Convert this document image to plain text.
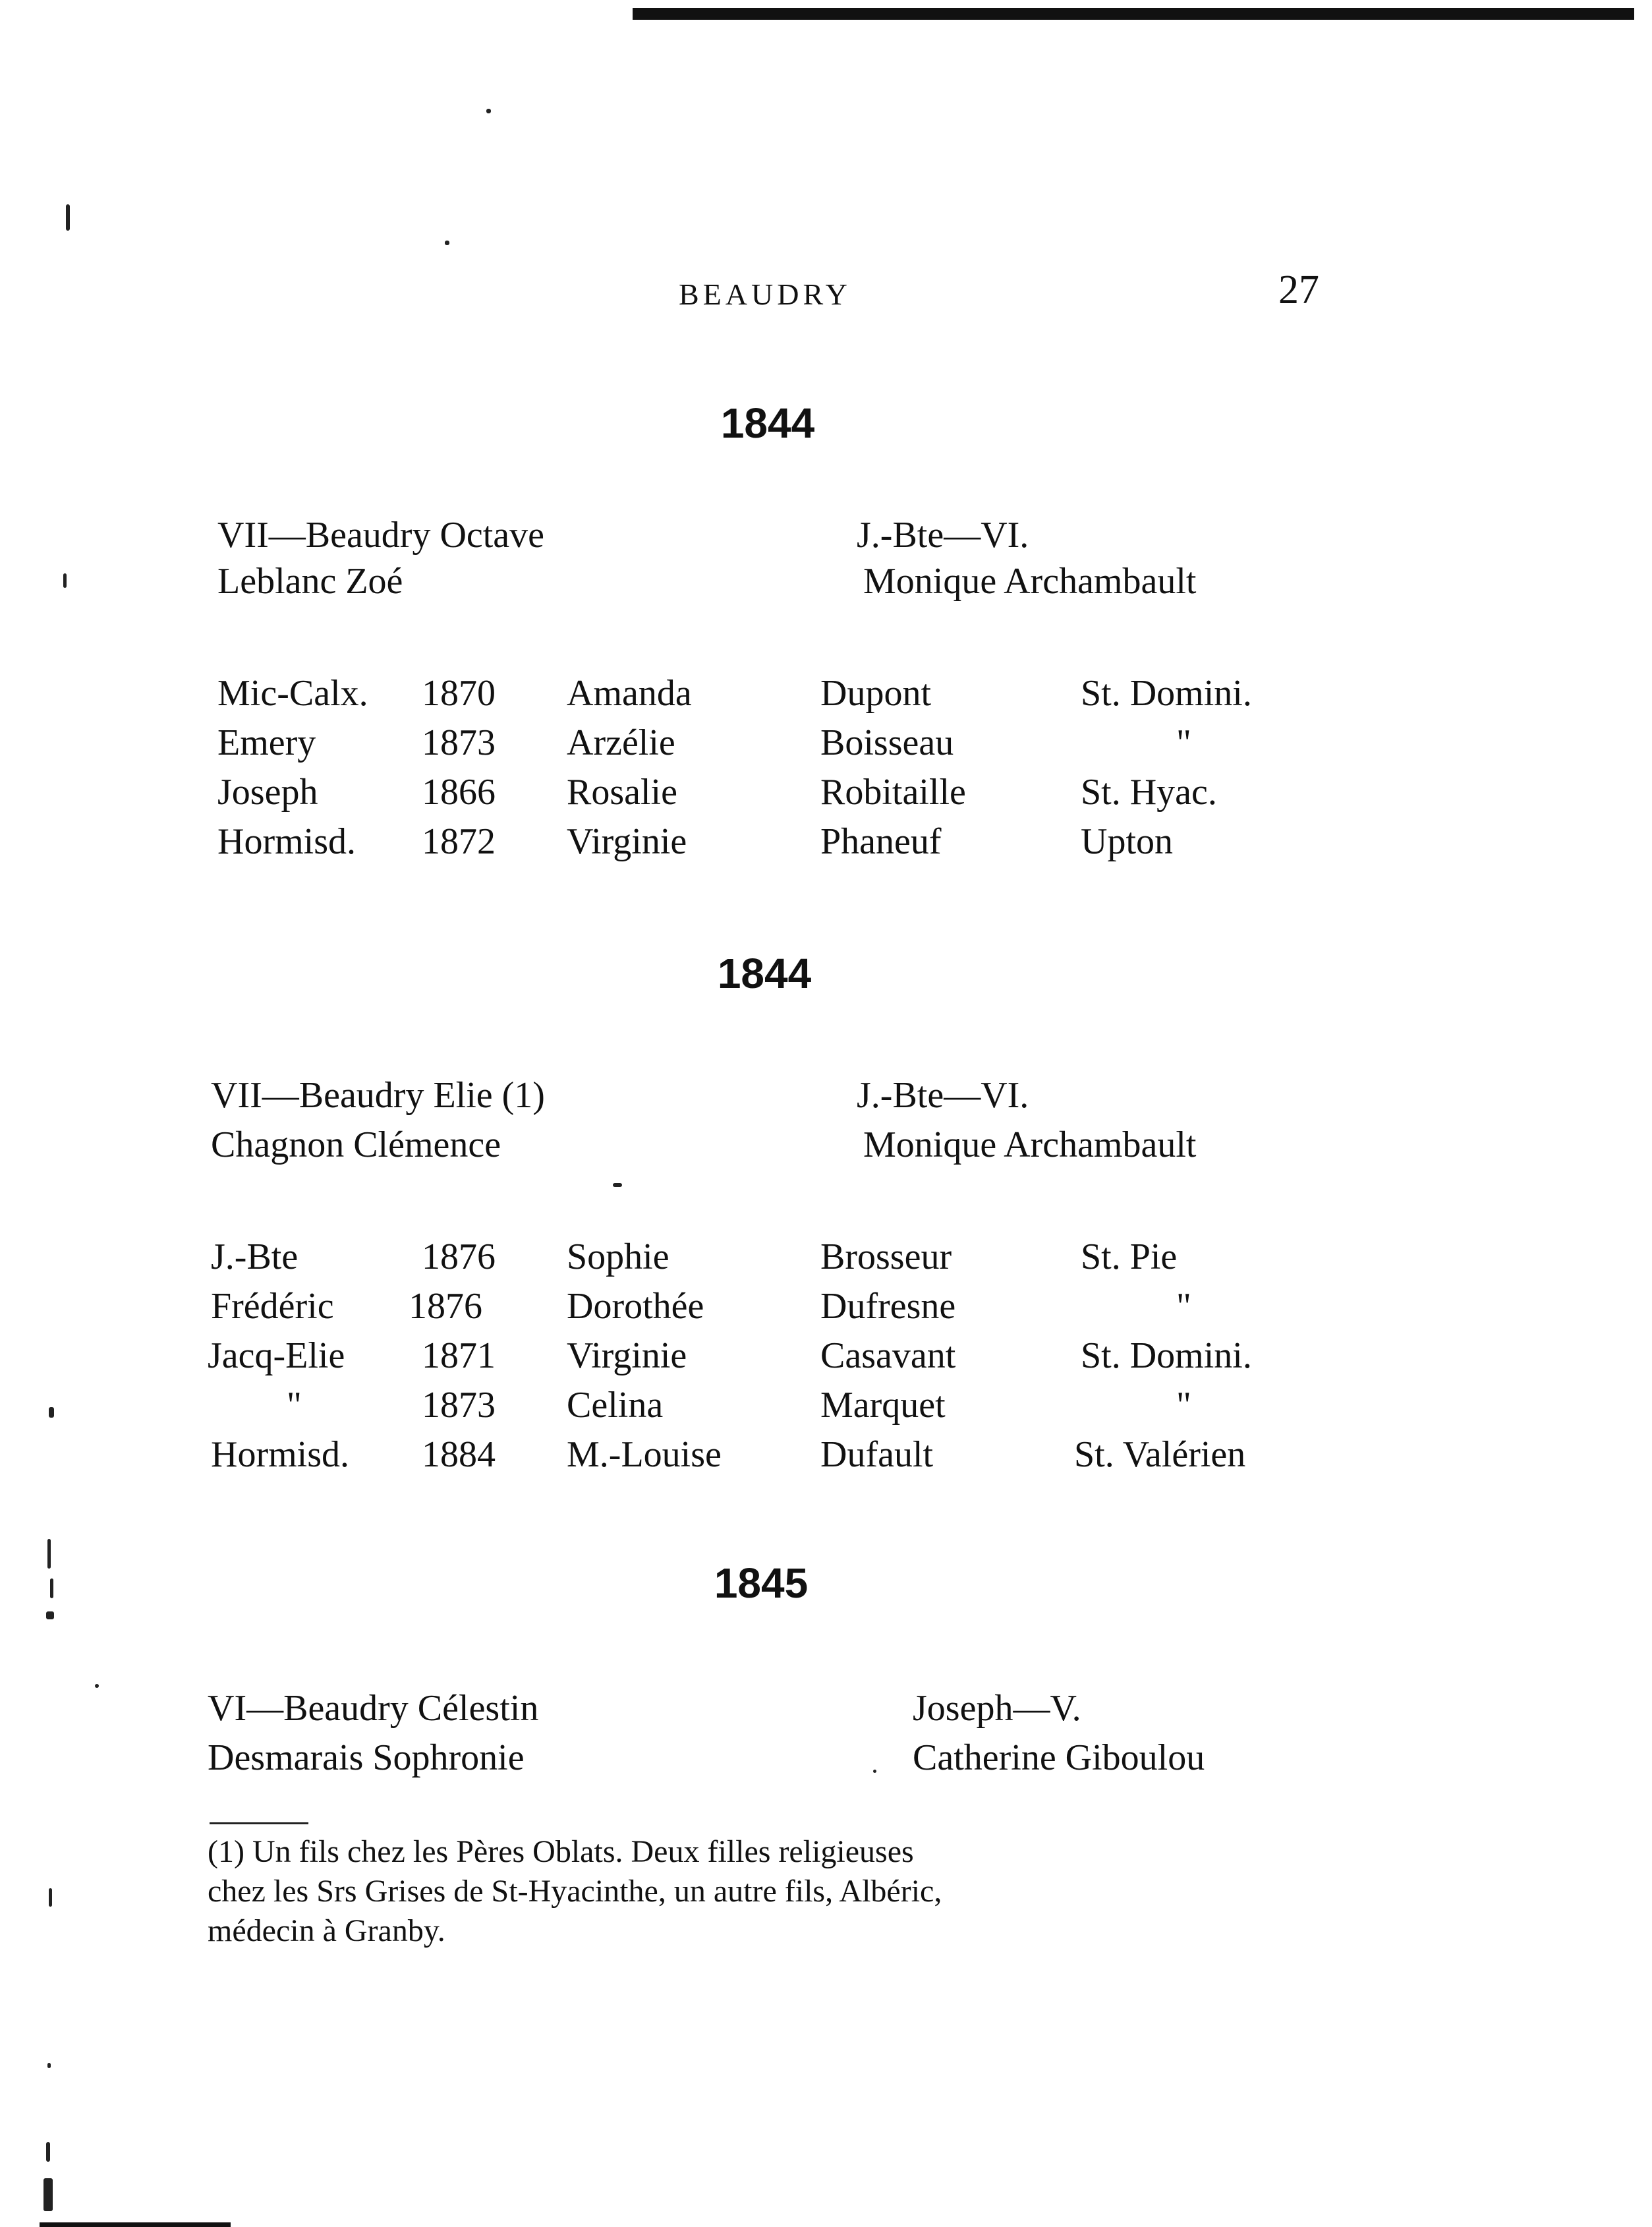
BEAUDRY	27
1844
VII—Beaudry Octave
Leblanc Zoé
J.-Bte—VI.
Monique Archambault
Mic-Calx. 1870 Amanda	Dupont	St. Domini.
Emery	1873 Arzélie	Boisseau	"
Joseph	1866 Rosalie	Robitaille	St. Hyac.
Hormisd. 1872 Virginie	Phaneuf	Upton
1844
VII—Beaudry Elie (1)
Chagnon Clémence
J.-Bte—VI.
Monique Archambault
J.-Bte	1876 Sophie	Brosseur	St. Pie
Frédéric 1876 Dorothée	Dufresne	"
Jacq-Elie 1871 Virginie	Casavant	St. Domini.
"	1873 Celina	Marquet	"
Hormisd. 1884 M.-Louise	Dufault	St. Valérien
1845
VI—Beaudry Célestin
Desmarais Sophronie
Joseph—V.
Catherine Giboulou
(1) Un fils chez les Pères Oblats. Deux filles religieuses
chez les Srs Grises de St-Hyacinthe, un autre fils, Albéric,
médecin à Granby.
